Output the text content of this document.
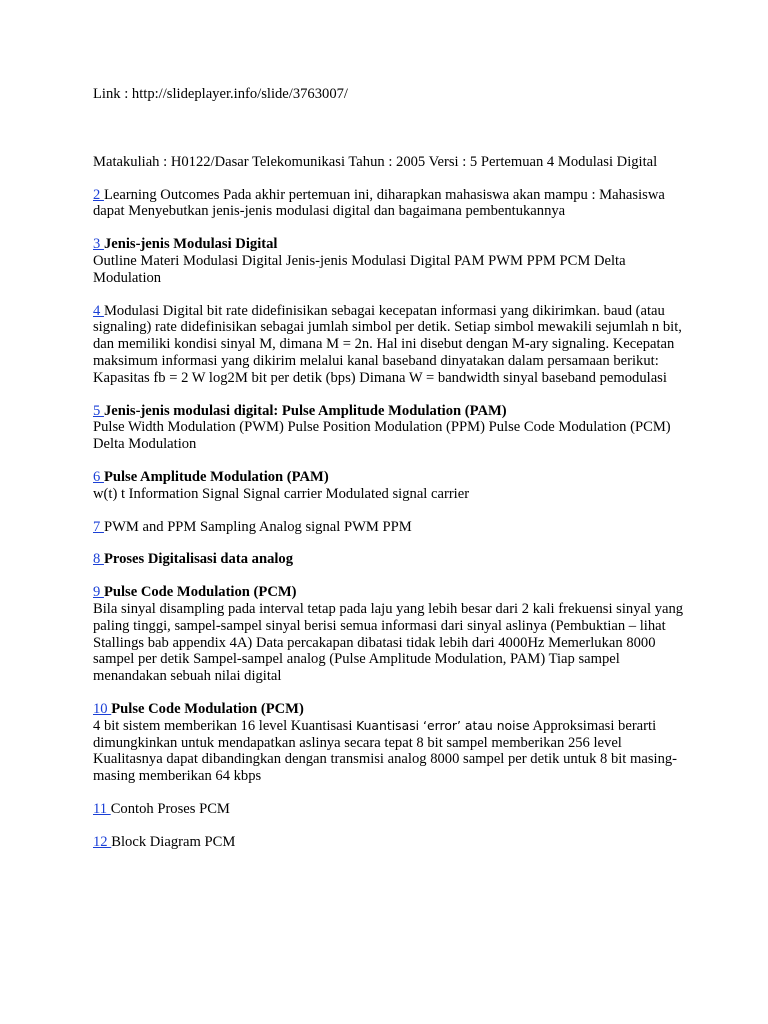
Link : http://slideplayer.info/slide/3763007/

Matakuliah : H0122/Dasar Telekomunikasi Tahun : 2005 Versi : 5 Pertemuan 4 Modulasi Digital

2 Learning Outcomes Pada akhir pertemuan ini, diharapkan mahasiswa akan mampu : Mahasiswa dapat Menyebutkan jenis-jenis modulasi digital dan bagaimana pembentukannya
3 Jenis-jenis Modulasi Digital
Outline Materi Modulasi Digital Jenis-jenis Modulasi Digital PAM PWM PPM PCM Delta Modulation
4 Modulasi Digital bit rate didefinisikan sebagai kecepatan informasi yang dikirimkan. baud (atau signaling) rate didefinisikan sebagai jumlah simbol per detik. Setiap simbol mewakili sejumlah n bit, dan memiliki kondisi sinyal M, dimana M = 2n. Hal ini disebut dengan M-ary signaling. Kecepatan maksimum informasi yang dikirim melalui kanal baseband dinyatakan dalam persamaan berikut: Kapasitas fb = 2 W log2M bit per detik (bps) Dimana W = bandwidth sinyal baseband pemodulasi
5 Jenis-jenis modulasi digital: Pulse Amplitude Modulation (PAM)
Pulse Width Modulation (PWM) Pulse Position Modulation (PPM) Pulse Code Modulation (PCM) Delta Modulation
6 Pulse Amplitude Modulation (PAM)
w(t) t Information Signal Signal carrier Modulated signal carrier
7 PWM and PPM Sampling Analog signal PWM PPM
8 Proses Digitalisasi data analog
9 Pulse Code Modulation (PCM)
Bila sinyal disampling pada interval tetap pada laju yang lebih besar dari 2 kali frekuensi sinyal yang paling tinggi, sampel-sampel sinyal berisi semua informasi dari sinyal aslinya (Pembuktian – lihat Stallings bab appendix 4A) Data percakapan dibatasi tidak lebih dari 4000Hz Memerlukan 8000 sampel per detik Sampel-sampel analog (Pulse Amplitude Modulation, PAM) Tiap sampel menandakan sebuah nilai digital
10 Pulse Code Modulation (PCM)
4 bit sistem memberikan 16 level Kuantisasi Kuantisasi ‘error’ atau noise Approksimasi berarti dimungkinkan untuk mendapatkan aslinya secara tepat 8 bit sampel memberikan 256 level Kualitasnya dapat dibandingkan dengan transmisi analog 8000 sampel per detik untuk 8 bit masing-masing memberikan 64 kbps
11 Contoh Proses PCM
12 Block Diagram PCM
